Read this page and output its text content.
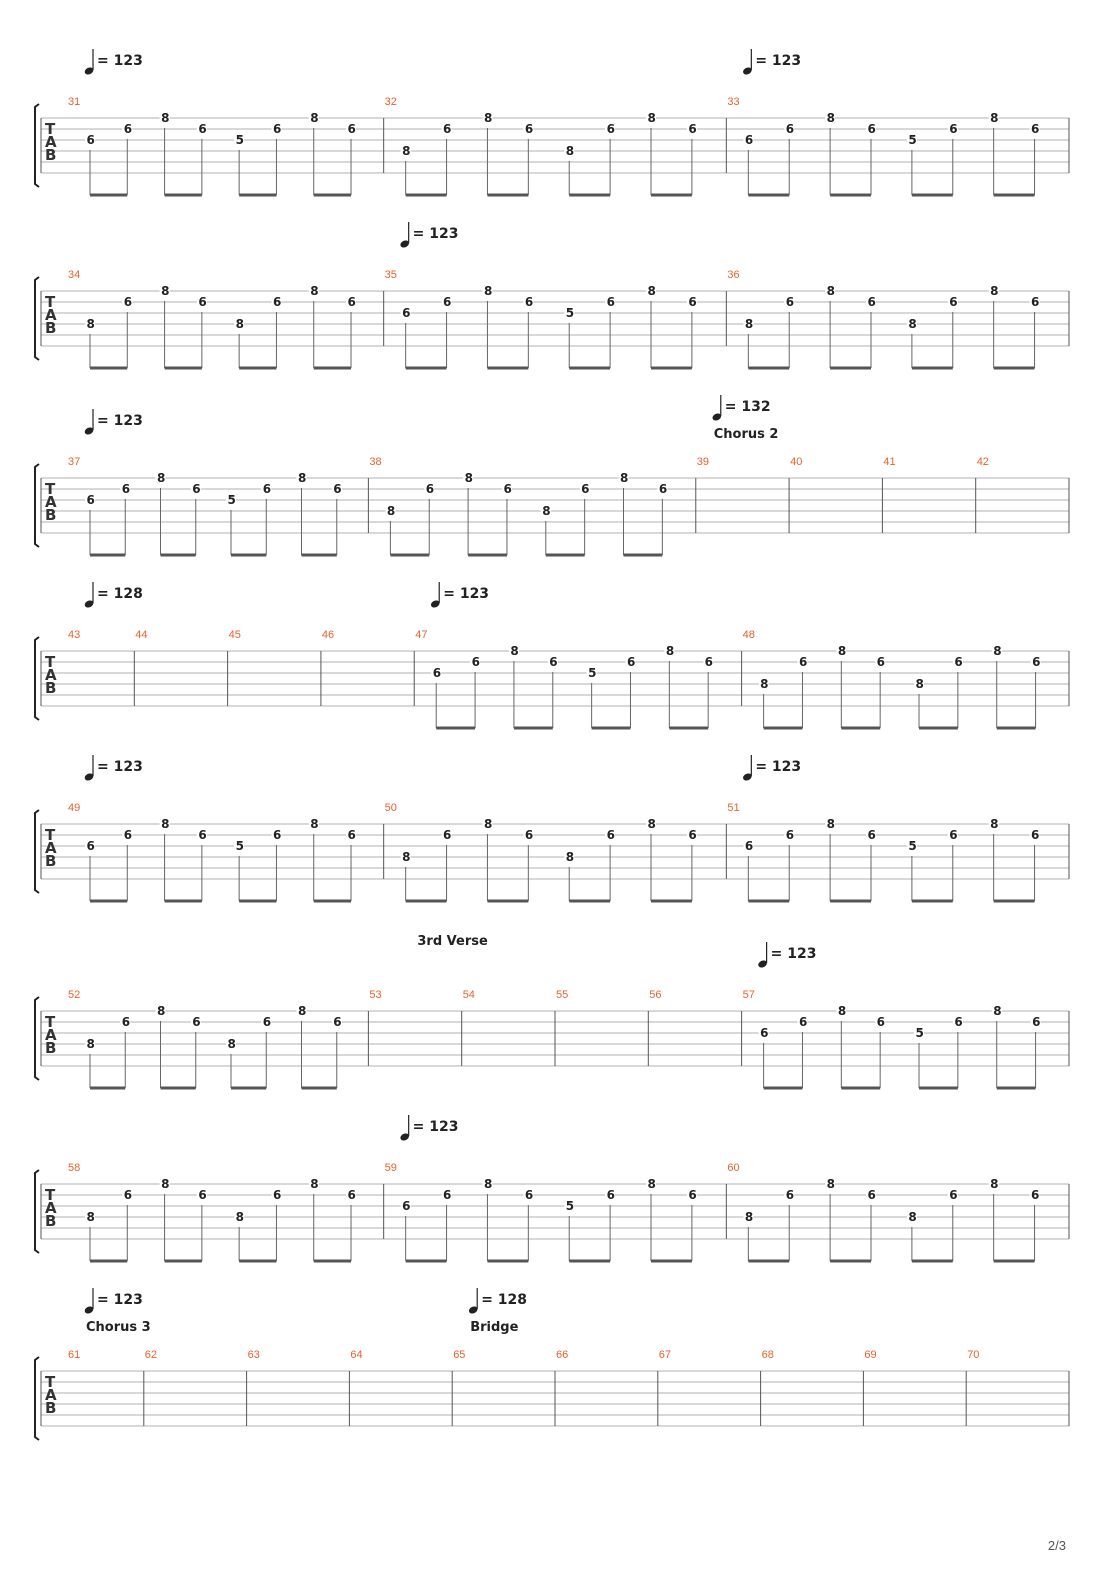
T
A
B
31
6
6
8
6
5
6
8
6
32
8
6
8
6
8
6
8
6
33
6
6
8
6
5
6
8
6
= 123	= 123
T
A
B
34
8
6
8
6
8
6
8
6
35
6
6
8
6
5
6
8
6
36
8
6
8
6
8
6
8
6
= 123
T
A
B
37
6
6
8
6
5
6
8
6
38
8
6
8
6
8
6
8
6
39	40	41	42
= 123
= 132
Chorus 2
T
A
B
43	44	45	46	47
6
6
8
6
5
6
8
6
48
8
6
8
6
8
6
8
6
= 128	= 123
T
A
B
49
6
6
8
6
5
6
8
6
50
8
6
8
6
8
6
8
6
51
6
6
8
6
5
6
8
6
= 123	= 123
T
A
B
52
8
6
8
6
8
6
8
6
53	54	55	56	57
6
6
8
6
5
6
8
6
= 123
3rd Verse
T
A
B
58
8
6
8
6
8
6
8
6
59
6
6
8
6
5
6
8
6
60
8
6
8
6
8
6
8
6
= 123
T
A
B
61	62	63	64	65	66	67	68	69	70
= 123	= 128
Chorus 3	Bridge
2/3
